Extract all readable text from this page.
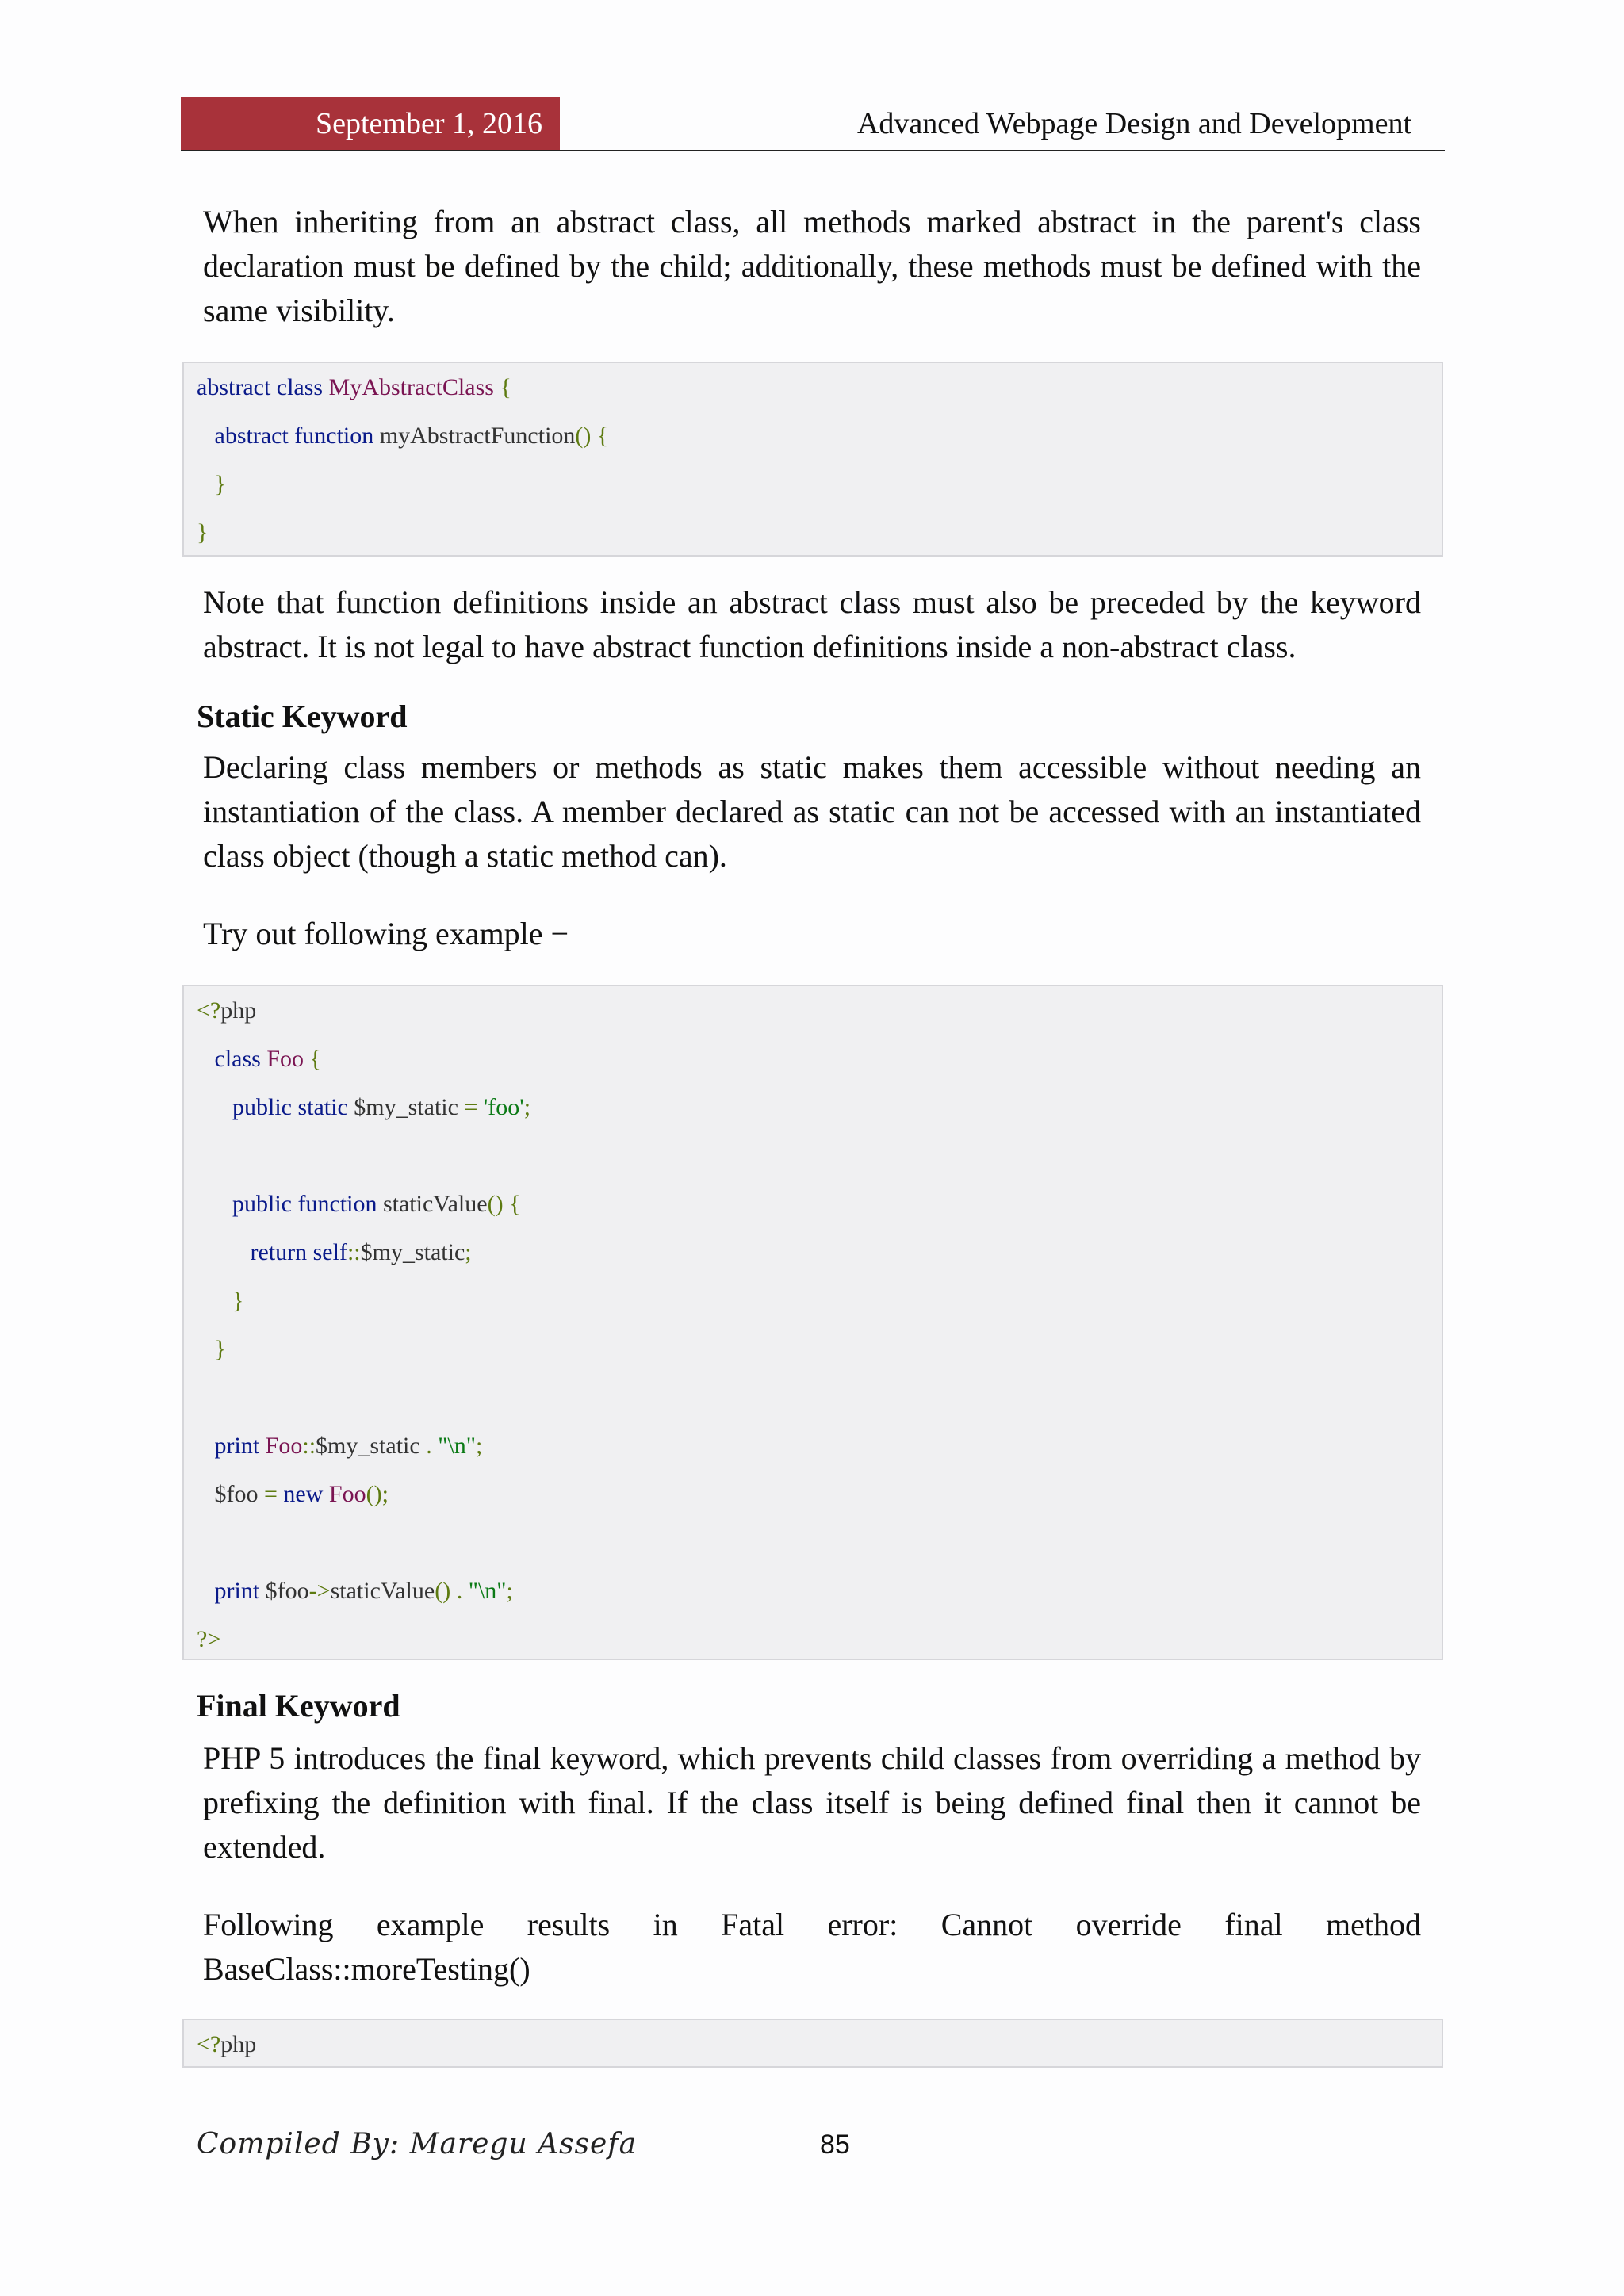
September 1, 2016	Advanced Webpage Design and Development
When inheriting from an abstract class, all methods marked abstract in the parent's class declaration must be defined by the child; additionally, these methods must be defined with the same visibility.
abstract class MyAbstractClass {
abstract function myAbstractFunction() {
}
}
Note that function definitions inside an abstract class must also be preceded by the keyword abstract. It is not legal to have abstract function definitions inside a non-abstract class.
Static Keyword
Declaring class members or methods as static makes them accessible without needing an instantiation of the class. A member declared as static can not be accessed with an instantiated class object (though a static method can).
Try out following example −
<?php
class Foo {
public static $my_static = 'foo';
public function staticValue() {
return self::$my_static;
}
}
print Foo::$my_static . "\n";
$foo = new Foo();
print $foo->staticValue() . "\n";
?>
Final Keyword
PHP 5 introduces the final keyword, which prevents child classes from overriding a method by prefixing the definition with final. If the class itself is being defined final then it cannot be extended.
Following example results in Fatal error: Cannot override final method
BaseClass::moreTesting()
<?php
Compiled By: Maregu Assefa	85
